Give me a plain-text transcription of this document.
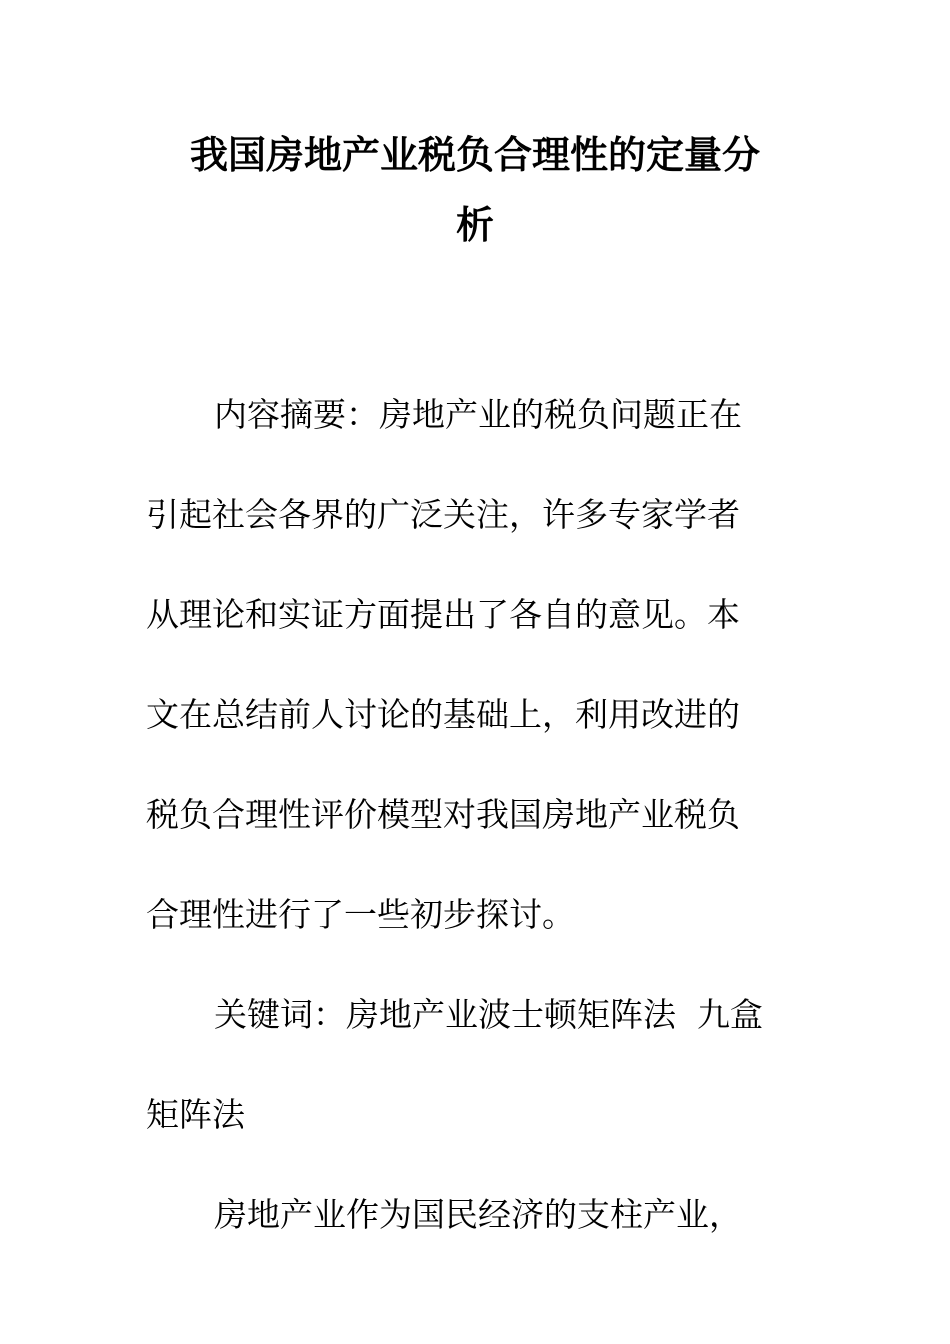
我国房地产业税负合理性的定量分
析

内容摘要：房地产业的税负问题正在
引起社会各界的广泛关注，许多专家学者
从理论和实证方面提出了各自的意见。本
文在总结前人讨论的基础上，利用改进的
税负合理性评价模型对我国房地产业税负
合理性进行了一些初步探讨。

关键词：房地产业波士顿矩阵法  九盒
矩阵法

房地产业作为国民经济的支柱产业，
